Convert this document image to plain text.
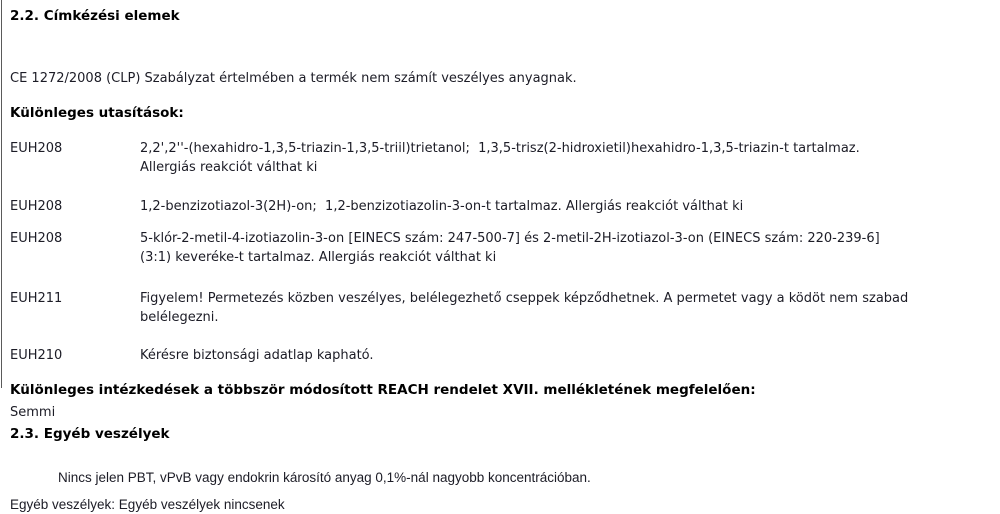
2.2. Címkézési elemek
CE 1272/2008 (CLP) Szabályzat értelmében a termék nem számít veszélyes anyagnak.
Különleges utasítások:
EUH208	2,2',2''-(hexahidro-1,3,5-triazin-1,3,5-triil)trietanol;  1,3,5-trisz(2-hidroxietil)hexahidro-1,3,5-triazin-t tartalmaz. Allergiás reakciót válthat ki
EUH208	1,2-benzizotiazol-3(2H)-on;  1,2-benzizotiazolin-3-on-t tartalmaz. Allergiás reakciót válthat ki
EUH208	5-klór-2-metil-4-izotiazolin-3-on [EINECS szám: 247-500-7] és 2-metil-2H-izotiazol-3-on (EINECS szám: 220-239-6] (3:1) keveréke-t tartalmaz. Allergiás reakciót válthat ki
EUH211	Figyelem! Permetezés közben veszélyes, belélegezhető cseppek képződhetnek. A permetet vagy a ködöt nem szabad belélegezni.
EUH210	Kérésre biztonsági adatlap kapható.
Különleges intézkedések a többször módosított REACH rendelet XVII. mellékletének megfelelően:
Semmi
2.3. Egyéb veszélyek
Nincs jelen PBT, vPvB vagy endokrin károsító anyag 0,1%-nál nagyobb koncentrációban.
Egyéb veszélyek: Egyéb veszélyek nincsenek
